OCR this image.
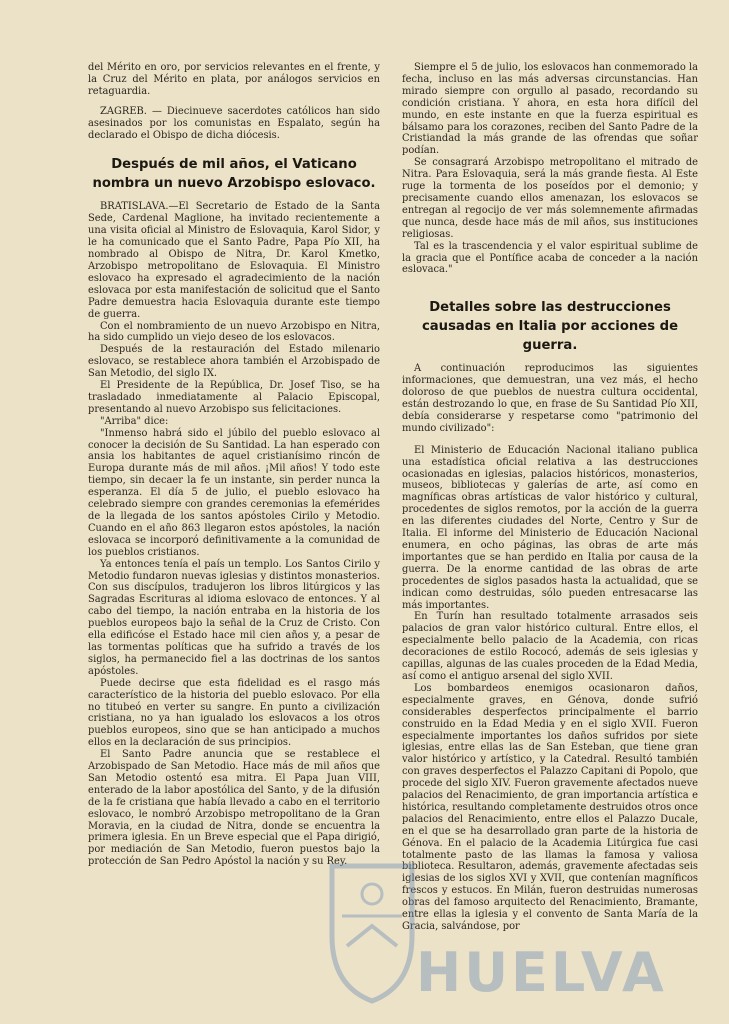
del Mérito en oro, por servicios relevantes en el frente, y la Cruz del Mérito en plata, por análogos servicios en retaguardia.

ZAGREB. — Diecinueve sacerdotes católicos han sido asesinados por los comunistas en Espalato, según ha declarado el Obispo de dicha diócesis.

Después de mil años, el Vaticano nombra un nuevo Arzobispo eslovaco.

BRATISLAVA.—El Secretario de Estado de la Santa Sede, Cardenal Maglione, ha invitado recientemente a una visita oficial al Ministro de Eslovaquia, Karol Sidor, y le ha comunicado que el Santo Padre, Papa Pío XII, ha nombrado al Obispo de Nitra, Dr. Karol Kmetko, Arzobispo metropolitano de Eslovaquia. El Ministro eslovaco ha expresado el agradecimiento de la nación eslovaca por esta manifestación de solicitud que el Santo Padre demuestra hacia Eslovaquia durante este tiempo de guerra.

Con el nombramiento de un nuevo Arzobispo en Nitra, ha sido cumplido un viejo deseo de los eslovacos.

Después de la restauración del Estado milenario eslovaco, se restablece ahora también el Arzobispado de San Metodio, del siglo IX.

El Presidente de la República, Dr. Josef Tiso, se ha trasladado inmediatamente al Palacio Episcopal, presentando al nuevo Arzobispo sus felicitaciones.

"Arriba" dice:

"Inmenso habrá sido el júbilo del pueblo eslovaco al conocer la decisión de Su Santidad. La han esperado con ansia los habitantes de aquel cristianísimo rincón de Europa durante más de mil años. ¡Mil años! Y todo este tiempo, sin decaer la fe un instante, sin perder nunca la esperanza. El día 5 de julio, el pueblo eslovaco ha celebrado siempre con grandes ceremonias la efemérides de la llegada de los santos apóstoles Cirilo y Metodio. Cuando en el año 863 llegaron estos apóstoles, la nación eslovaca se incorporó definitivamente a la comunidad de los pueblos cristianos.

Ya entonces tenía el país un templo. Los Santos Cirilo y Metodio fundaron nuevas iglesias y distintos monasterios. Con sus discípulos, tradujeron los libros litúrgicos y las Sagradas Escrituras al idioma eslovaco de entonces. Y al cabo del tiempo, la nación entraba en la historia de los pueblos europeos bajo la señal de la Cruz de Cristo. Con ella edificóse el Estado hace mil cien años y, a pesar de las tormentas políticas que ha sufrido a través de los siglos, ha permanecido fiel a las doctrinas de los santos apóstoles.

Puede decirse que esta fidelidad es el rasgo más característico de la historia del pueblo eslovaco. Por ella no titubeó en verter su sangre. En punto a civilización cristiana, no ya han igualado los eslovacos a los otros pueblos europeos, sino que se han anticipado a muchos ellos en la declaración de sus principios.

El Santo Padre anuncia que se restablece el Arzobispado de San Metodio. Hace más de mil años que San Metodio ostentó esa mitra. El Papa Juan VIII, enterado de la labor apostólica del Santo, y de la difusión de la fe cristiana que había llevado a cabo en el territorio eslovaco, le nombró Arzobispo metropolitano de la Gran Moravia, en la ciudad de Nitra, donde se encuentra la primera iglesia. En un Breve especial que el Papa dirigió, por mediación de San Metodio, fueron puestos bajo la protección de San Pedro Apóstol la nación y su Rey.

Siempre el 5 de julio, los eslovacos han conmemorado la fecha, incluso en las más adversas circunstancias. Han mirado siempre con orgullo al pasado, recordando su condición cristiana. Y ahora, en esta hora difícil del mundo, en este instante en que la fuerza espiritual es bálsamo para los corazones, reciben del Santo Padre de la Cristiandad la más grande de las ofrendas que soñar podían.

Se consagrará Arzobispo metropolitano el mitrado de Nitra. Para Eslovaquia, será la más grande fiesta. Al Este ruge la tormenta de los poseídos por el demonio; y precisamente cuando ellos amenazan, los eslovacos se entregan al regocijo de ver más solemnemente afirmadas que nunca, desde hace más de mil años, sus instituciones religiosas.

Tal es la trascendencia y el valor espiritual sublime de la gracia que el Pontífice acaba de conceder a la nación eslovaca."

Detalles sobre las destrucciones causadas en Italia por acciones de guerra.

A continuación reproducimos las siguientes informaciones, que demuestran, una vez más, el hecho doloroso de que pueblos de nuestra cultura occidental, están destrozando lo que, en frase de Su Santidad Pío XII, debía considerarse y respetarse como "patrimonio del mundo civilizado":

El Ministerio de Educación Nacional italiano publica una estadística oficial relativa a las destrucciones ocasionadas en iglesias, palacios históricos, monasterios, museos, bibliotecas y galerías de arte, así como en magníficas obras artísticas de valor histórico y cultural, procedentes de siglos remotos, por la acción de la guerra en las diferentes ciudades del Norte, Centro y Sur de Italia. El informe del Ministerio de Educación Nacional enumera, en ocho páginas, las obras de arte más importantes que se han perdido en Italia por causa de la guerra. De la enorme cantidad de las obras de arte procedentes de siglos pasados hasta la actualidad, que se indican como destruidas, sólo pueden entresacarse las más importantes.

En Turín han resultado totalmente arrasados seis palacios de gran valor histórico cultural. Entre ellos, el especialmente bello palacio de la Academia, con ricas decoraciones de estilo Rococó, además de seis iglesias y capillas, algunas de las cuales proceden de la Edad Media, así como el antiguo arsenal del siglo XVII.

Los bombardeos enemigos ocasionaron daños, especialmente graves, en Génova, donde sufrió considerables desperfectos principalmente el barrio construido en la Edad Media y en el siglo XVII. Fueron especialmente importantes los daños sufridos por siete iglesias, entre ellas las de San Esteban, que tiene gran valor histórico y artístico, y la Catedral. Resultó también con graves desperfectos el Palazzo Capitani di Popolo, que procede del siglo XIV. Fueron gravemente afectados nueve palacios del Renacimiento, de gran importancia artística e histórica, resultando completamente destruidos otros once palacios del Renacimiento, entre ellos el Palazzo Ducale, en el que se ha desarrollado gran parte de la historia de Génova. En el palacio de la Academia Litúrgica fue casi totalmente pasto de las llamas la famosa y valiosa biblioteca. Resultaron, además, gravemente afectadas seis iglesias de los siglos XVI y XVII, que contenían magníficos frescos y estucos. En Milán, fueron destruidas numerosas obras del famoso arquitecto del Renacimiento, Bramante, entre ellas la iglesia y el convento de Santa María de la Gracia, salvándose, por

HUELVA
